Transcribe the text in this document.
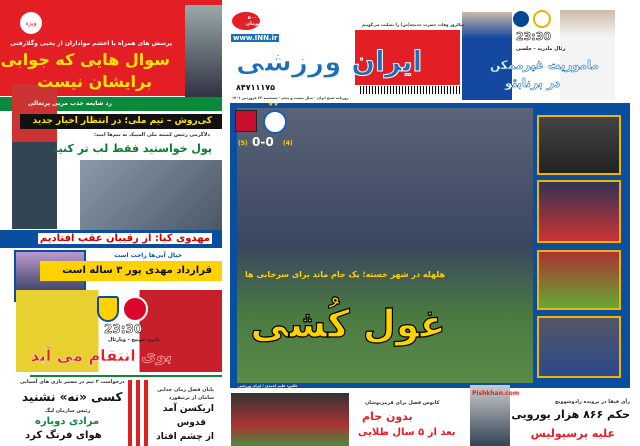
ویژه
پرسش های همراه با اخشم مواداران از یحیی وگلارفتی
سوال هایی که جوابی
برایشان نیست
رد شایعه جذب مربی پرتغالی
کی‌روش – تیم ملی؛ در انتظار اخبار جدید
دلاگرمی رئیس کمیته ملی المپیک به تیم‌ها امید:
پول خواستید فقط لب تر کنید
مهدوی کیا: از رقیبان عقب افتادیم
خیال آبی‌ها راحت است
قرارداد مهدی پور ۳ ساله است
23:30
بایرن مونیخ - ویارئال
بوی انتقام می آید
درخواست ۳ تیم در مسیر بازی های آسیایی
کسی «نه» نشنید
رئیس سازمان لیگ
مرادی دوباره
هوای فرنگ کرد
پایان فصل زمان جدایی
سامان از برتنفورد
اریکسن آمد
قدوس
از چشم افتاد
۵۰۰۰ تومان	سالروز وفات حضرت خدیجه(س) را تسلیت می‌گوییم
ایران ورزشی
www.INN.ir
۸۴۷۱۱۱۷۵
روزنامه صبح ایران - سال بیست و پنجم - سه‌شنبه ۲۳ فروردین ۱۴۰۱
23:30
رئال مادرید - چلسی
ماموریت غیرممکن
در برنابئو
★★
0-0
(5)	(4)
هلهله در شهر خسته؛ یک جام ماند برای سرخابی ها
غول کُشی
عکس: علیم احمدی / ایران ورزشی
کابوس فصل برای قرمزپوشان
بدون جام
بعد از ۵ سال طلایی
Pishkhan.com
رأی فیفا در پرونده رادوشوویچ
حکم ۸۶۶ هزار یورویی
علیه پرسپولیس
